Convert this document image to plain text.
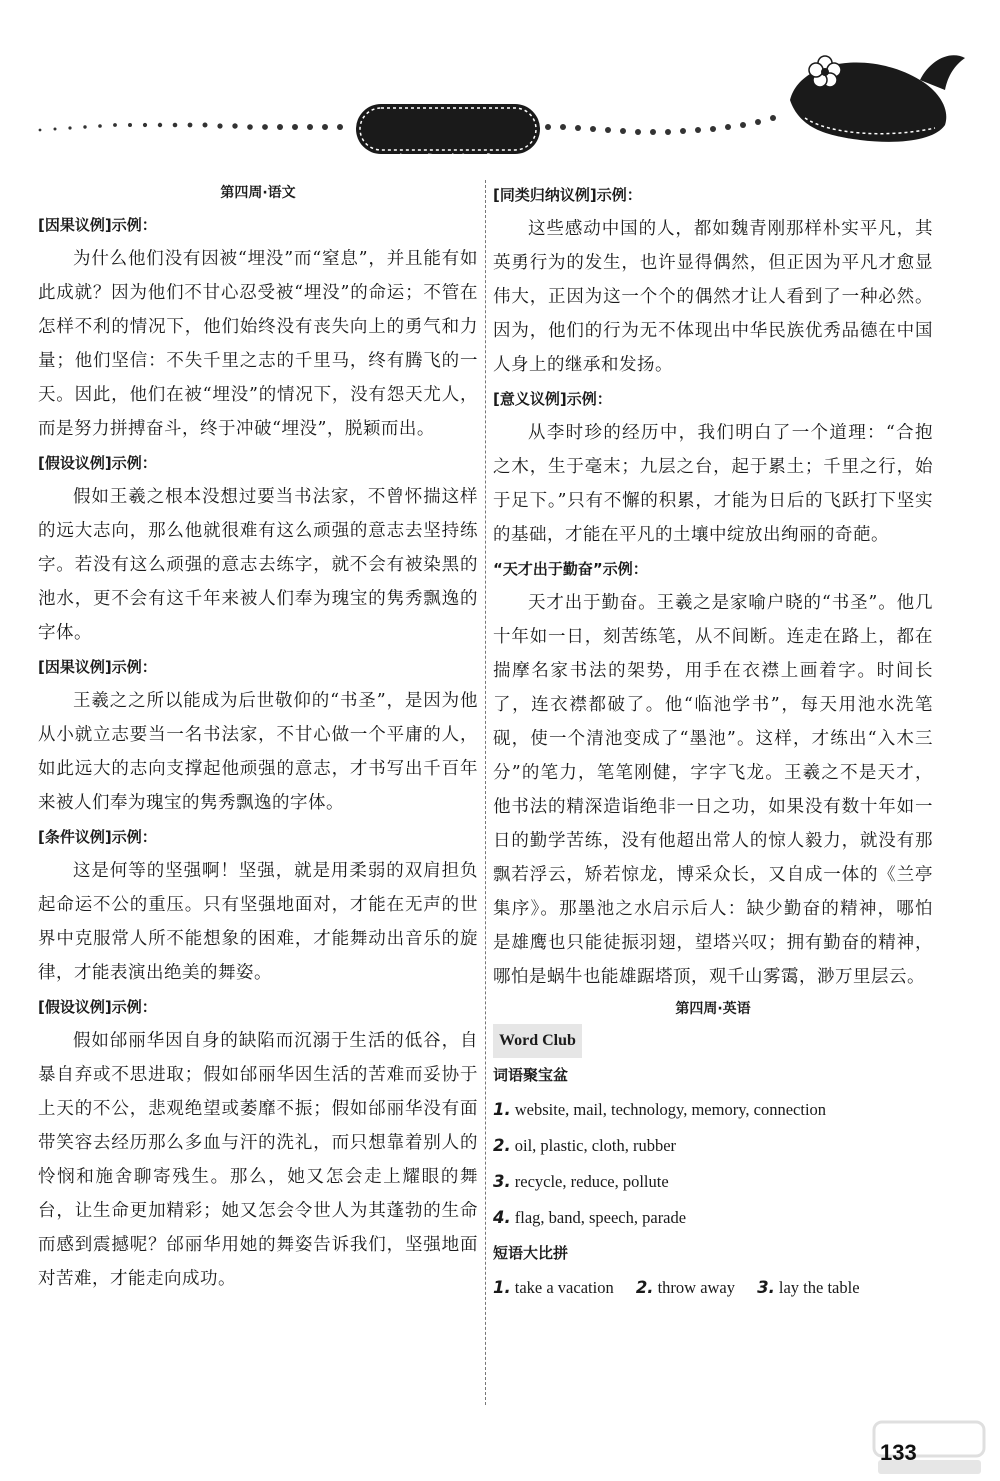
参考答案
第四周·语文
[因果议例]示例：

为什么他们没有因被“埋没”而“窒息”，并且能有如此成就？因为他们不甘心忍受被“埋没”的命运；不管在怎样不利的情况下，他们始终没有丧失向上的勇气和力量；他们坚信：不失千里之志的千里马，终有腾飞的一天。因此，他们在被“埋没”的情况下，没有怨天尤人，而是努力拼搏奋斗，终于冲破“埋没”，脱颖而出。

[假设议例]示例：

假如王羲之根本没想过要当书法家，不曾怀揣这样的远大志向，那么他就很难有这么顽强的意志去坚持练字。若没有这么顽强的意志去练字，就不会有被染黑的池水，更不会有这千年来被人们奉为瑰宝的隽秀飘逸的字体。

[因果议例]示例：

王羲之之所以能成为后世敬仰的“书圣”，是因为他从小就立志要当一名书法家，不甘心做一个平庸的人，如此远大的志向支撑起他顽强的意志，才书写出千百年来被人们奉为瑰宝的隽秀飘逸的字体。

[条件议例]示例：

这是何等的坚强啊！坚强，就是用柔弱的双肩担负起命运不公的重压。只有坚强地面对，才能在无声的世界中克服常人所不能想象的困难，才能舞动出音乐的旋律，才能表演出绝美的舞姿。

[假设议例]示例：

假如邰丽华因自身的缺陷而沉溺于生活的低谷，自暴自弃或不思进取；假如邰丽华因生活的苦难而妥协于上天的不公，悲观绝望或萎靡不振；假如邰丽华没有面带笑容去经历那么多血与汗的洗礼，而只想靠着别人的怜悯和施舍聊寄残生。那么，她又怎会走上耀眼的舞台，让生命更加精彩；她又怎会令世人为其蓬勃的生命而感到震撼呢？邰丽华用她的舞姿告诉我们，坚强地面对苦难，才能走向成功。

[同类归纳议例]示例：

这些感动中国的人，都如魏青刚那样朴实平凡，其英勇行为的发生，也许显得偶然，但正因为平凡才愈显伟大，正因为这一个个的偶然才让人看到了一种必然。因为，他们的行为无不体现出中华民族优秀品德在中国人身上的继承和发扬。

[意义议例]示例：

从李时珍的经历中，我们明白了一个道理：“合抱之木，生于毫末；九层之台，起于累土；千里之行，始于足下。”只有不懈的积累，才能为日后的飞跃打下坚实的基础，才能在平凡的土壤中绽放出绚丽的奇葩。

“天才出于勤奋”示例：

天才出于勤奋。王羲之是家喻户晓的“书圣”。他几十年如一日，刻苦练笔，从不间断。连走在路上，都在揣摩名家书法的架势，用手在衣襟上画着字。时间长了，连衣襟都破了。他“临池学书”，每天用池水洗笔砚，使一个清池变成了“墨池”。这样，才练出“入木三分”的笔力，笔笔刚健，字字飞龙。王羲之不是天才，他书法的精深造诣绝非一日之功，如果没有数十年如一日的勤学苦练，没有他超出常人的惊人毅力，就没有那飘若浮云，矫若惊龙，博采众长，又自成一体的《兰亭集序》。那墨池之水启示后人：缺少勤奋的精神，哪怕是雄鹰也只能徒振羽翅，望塔兴叹；拥有勤奋的精神，哪怕是蜗牛也能雄踞塔顶，观千山雾霭，渺万里层云。

第四周·英语
Word Club
词语聚宝盆
1. website, mail, technology, memory, connection
2. oil, plastic, cloth, rubber
3. recycle, reduce, pollute
4. flag, band, speech, parade
短语大比拼
1. take a vacation 2. throw away 3. lay the table
133
